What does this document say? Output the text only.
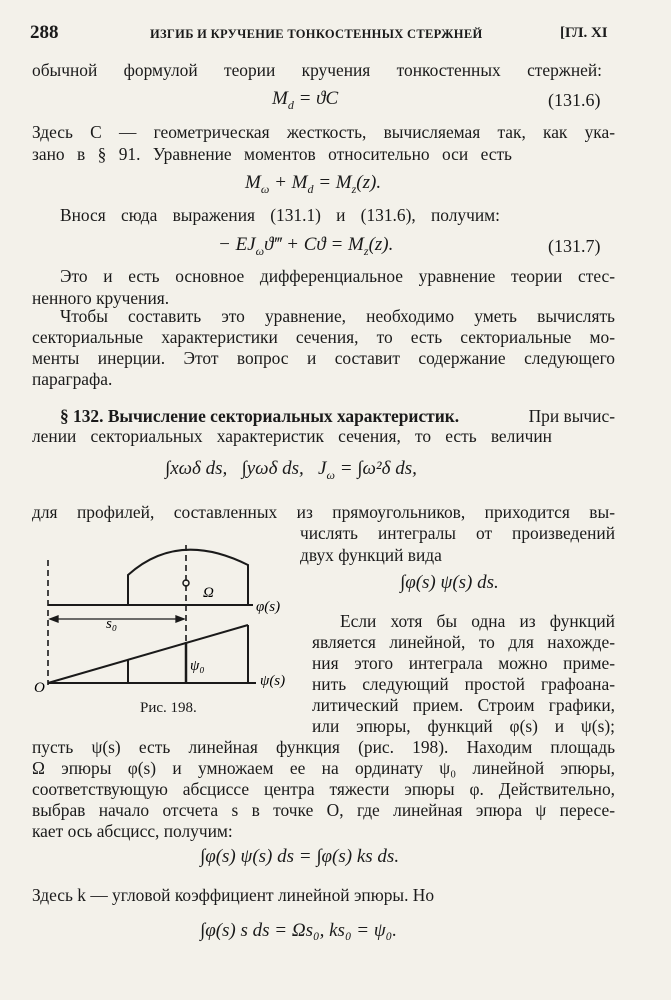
288	ИЗГИБ И КРУЧЕНИЕ ТОНКОСТЕННЫХ СТЕРЖНЕЙ	[ГЛ. XI
обычной формулой теории кручения тонкостенных стержней:
$M_d = ϑC$	(131.6)
Здесь C — геометрическая жесткость, вычисляемая так, как ука-
зано в § 91. Уравнение моментов относительно оси есть
$M_\omega + M_d = M_z(z)$.
Внося сюда выражения (131.1) и (131.6), получим:
− $EJ_\omega ϑ‴ + Cϑ = M_z(z)$.	(131.7)
Это и есть основное дифференциальное уравнение теории стес-
ненного кручения.
Чтобы составить это уравнение, необходимо уметь вычислять
секториальные характеристики сечения, то есть секториальные мо-
менты инерции. Этот вопрос и составит содержание следующего
параграфа.
§ 132. Вычисление секториальных характеристик.	При вычис-
лении секториальных характеристик сечения, то есть величин
∫xωδ ds,   ∫yωδ ds,   $J_\omega = \int\omega^2\delta$ ds,
для профилей, составленных из прямоугольников, приходится вы-
числять интегралы от произведений
двух функций вида
∫φ(s) ψ(s) ds.
Если хотя бы одна из функций
является линейной, то для нахожде-
ния этого интеграла можно приме-
нить следующий простой графоана-
литический прием. Строим графики,
или эпюры, функций φ(s) и ψ(s);
s₀
Ω
φ(s)
ψ(s)
ψ₀
O
Рис. 198.
пусть ψ(s) есть линейная функция (рис. 198). Находим площадь
Ω эпюры φ(s) и умножаем ее на ординату ψ₀ линейной эпюры,
соответствующую абсциссе центра тяжести эпюры φ. Действительно,
выбрав начало отсчета s в точке O, где линейная эпюра ψ пересе-
кает ось абсцисс, получим:
∫φ(s) ψ(s) ds = ∫φ(s) ks ds.
Здесь k — угловой коэффициент линейной эпюры. Но
∫φ(s) s ds = Ωs₀, ks₀ = ψ₀.
